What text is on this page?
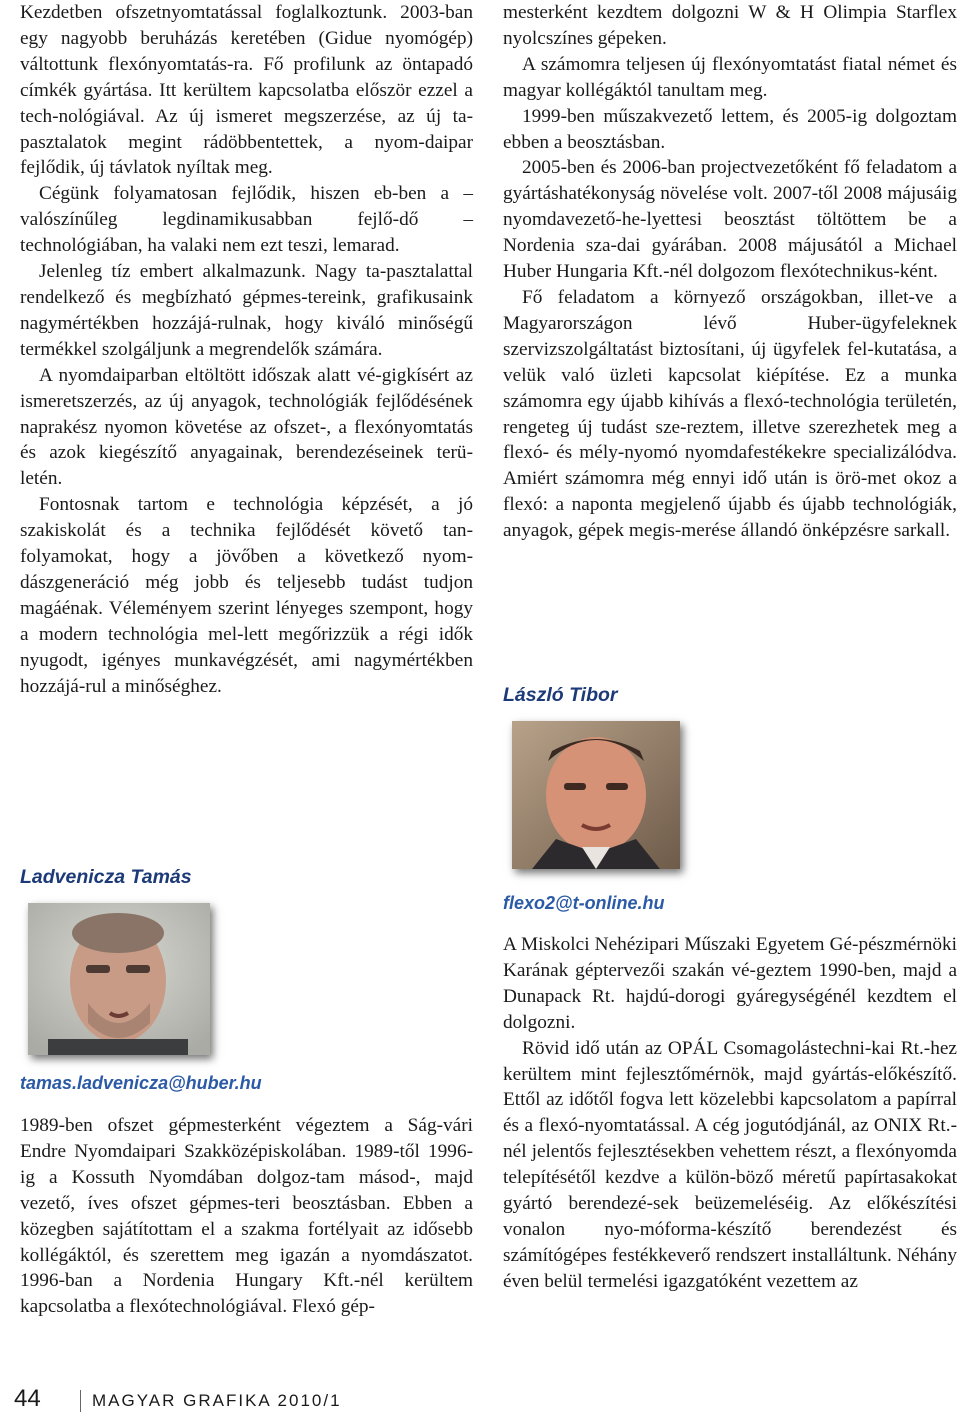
Kezdetben ofszetnyomtatással foglalkoztunk. 2003-ban egy nagyobb beruházás keretében (Gidue nyomógép) váltottunk flexónyomtatás-ra. Fő profilunk az öntapadó címkék gyártása. Itt kerültem kapcsolatba először ezzel a tech-nológiával. Az új ismeret megszerzése, az új ta-pasztalatok megint rádöbbentettek, a nyom-daipar fejlődik, új távlatok nyíltak meg.

Cégünk folyamatosan fejlődik, hiszen eb-ben a – valószínűleg legdinamikusabban fejlő-dő – technológiában, ha valaki nem ezt teszi, lemarad.

Jelenleg tíz embert alkalmazunk. Nagy ta-pasztalattal rendelkező és megbízható gépmes-tereink, grafikusaink nagymértékben hozzájá-rulnak, hogy kiváló minőségű termékkel szolgáljunk a megrendelők számára.

A nyomdaiparban eltöltött időszak alatt vé-gigkísért az ismeretszerzés, az új anyagok, technológiák fejlődésének naprakész nyomon követése az ofszet-, a flexónyomtatás és azok kiegészítő anyagainak, berendezéseinek terü-letén.

Fontosnak tartom e technológia képzését, a jó szakiskolát és a technika fejlődését követő tan-folyamokat, hogy a jövőben a következő nyom-dászgeneráció még jobb és teljesebb tudást tudjon magáénak. Véleményem szerint lényeges szempont, hogy a modern technológia mel-lett megőrizzük a régi idők nyugodt, igényes munkavégzését, ami nagymértékben hozzájá-rul a minőséghez.

Ladvenicza Tamás
tamas.ladvenicza@huber.hu

1989-ben ofszet gépmesterként végeztem a Ság-vári Endre Nyomdaipari Szakközépiskolában. 1989-től 1996-ig a Kossuth Nyomdában dolgoz-tam másod-, majd vezető, íves ofszet gépmes-teri beosztásban. Ebben a közegben sajátítottam el a szakma fortélyait az idősebb kollégáktól, és szerettem meg igazán a nyomdászatot. 1996-ban a Nordenia Hungary Kft.-nél kerültem kapcsolatba a flexótechnológiával. Flexó gép-

mesterként kezdtem dolgozni W & H Olimpia Starflex nyolcszínes gépeken.

A számomra teljesen új flexónyomtatást fiatal német és magyar kollégáktól tanultam meg.

1999-ben műszakvezető lettem, és 2005-ig dolgoztam ebben a beosztásban.

2005-ben és 2006-ban projectvezetőként fő feladatom a gyártáshatékonyság növelése volt. 2007-től 2008 májusáig nyomdavezető-he-lyettesi beosztást töltöttem be a Nordenia sza-dai gyárában. 2008 májusától a Michael Huber Hungaria Kft.-nél dolgozom flexótechnikus-ként.

Fő feladatom a környező országokban, illet-ve a Magyarországon lévő Huber-ügyfeleknek szervizszolgáltatást biztosítani, új ügyfelek fel-kutatása, a velük való üzleti kapcsolat kiépítése. Ez a munka számomra egy újabb kihívás a flexó-technológia területén, rengeteg új tudást sze-reztem, illetve szerezhetek meg a flexó- és mély-nyomó nyomdafestékekre specializálódva. Amiért számomra még ennyi idő után is örö-met okoz a flexó: a naponta megjelenő újabb és újabb technológiák, anyagok, gépek megis-merése állandó önképzésre sarkall.

László Tibor
flexo2@t-online.hu

A Miskolci Nehézipari Műszaki Egyetem Gé-pészmérnöki Karának géptervezői szakán vé-geztem 1990-ben, majd a Dunapack Rt. hajdú-dorogi gyáregységénél kezdtem el dolgozni.

Rövid idő után az OPÁL Csomagolástechni-kai Rt.-hez kerültem mint fejlesztőmérnök, majd gyártás-előkészítő. Ettől az időtől fogva lett közelebbi kapcsolatom a papírral és a flexó-nyomtatással. A cég jogutódjánál, az ONIX Rt.-nél jelentős fejlesztésekben vehettem részt, a flexónyomda telepítésétől kezdve a külön-böző méretű papírtasakokat gyártó berendezé-sek beüzemeléséig. Az előkészítési vonalon nyo-móforma-készítő berendezést és számítógépes festékkeverő rendszert installáltunk. Néhány éven belül termelési igazgatóként vezettem az

44	MAGYAR GRAFIKA 2010/1
